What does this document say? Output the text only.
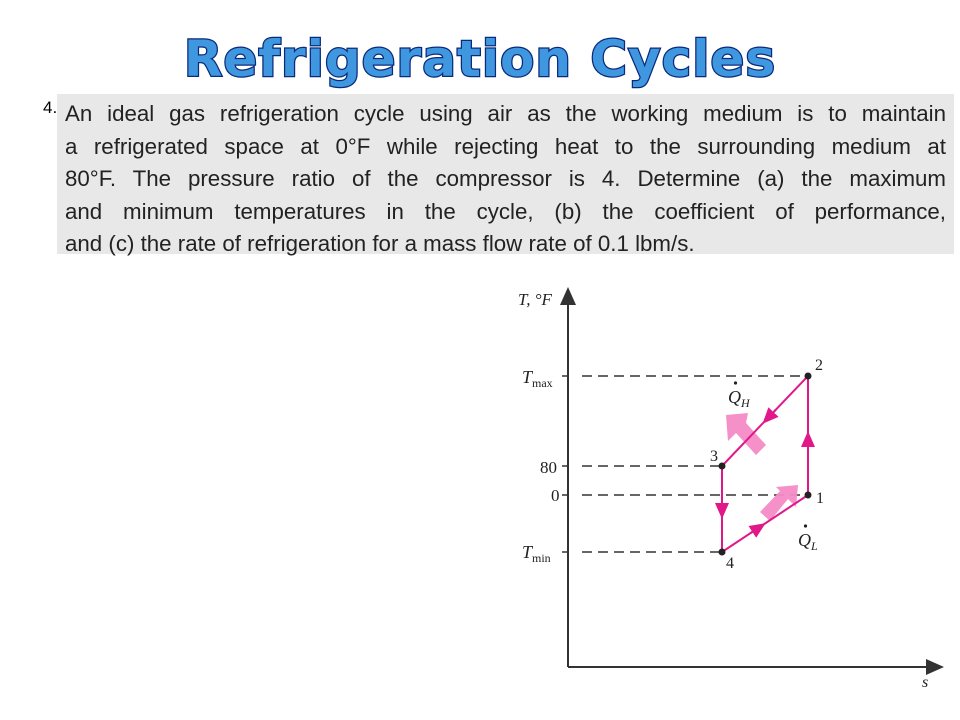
Refrigeration Cycles
4. An ideal gas refrigeration cycle using air as the working medium is to maintain
a refrigerated space at 0°F while rejecting heat to the surrounding medium at
80°F. The pressure ratio of the compressor is 4. Determine (a) the maximum
and minimum temperatures in the cycle, (b) the coefficient of performance,
and (c) the rate of refrigeration for a mass flow rate of 0.1 lbm/s.
T, °F
s
$T_{max}$
80
0
$T_{min}$
1
2
3
4
$Q_H$
$Q_L$
